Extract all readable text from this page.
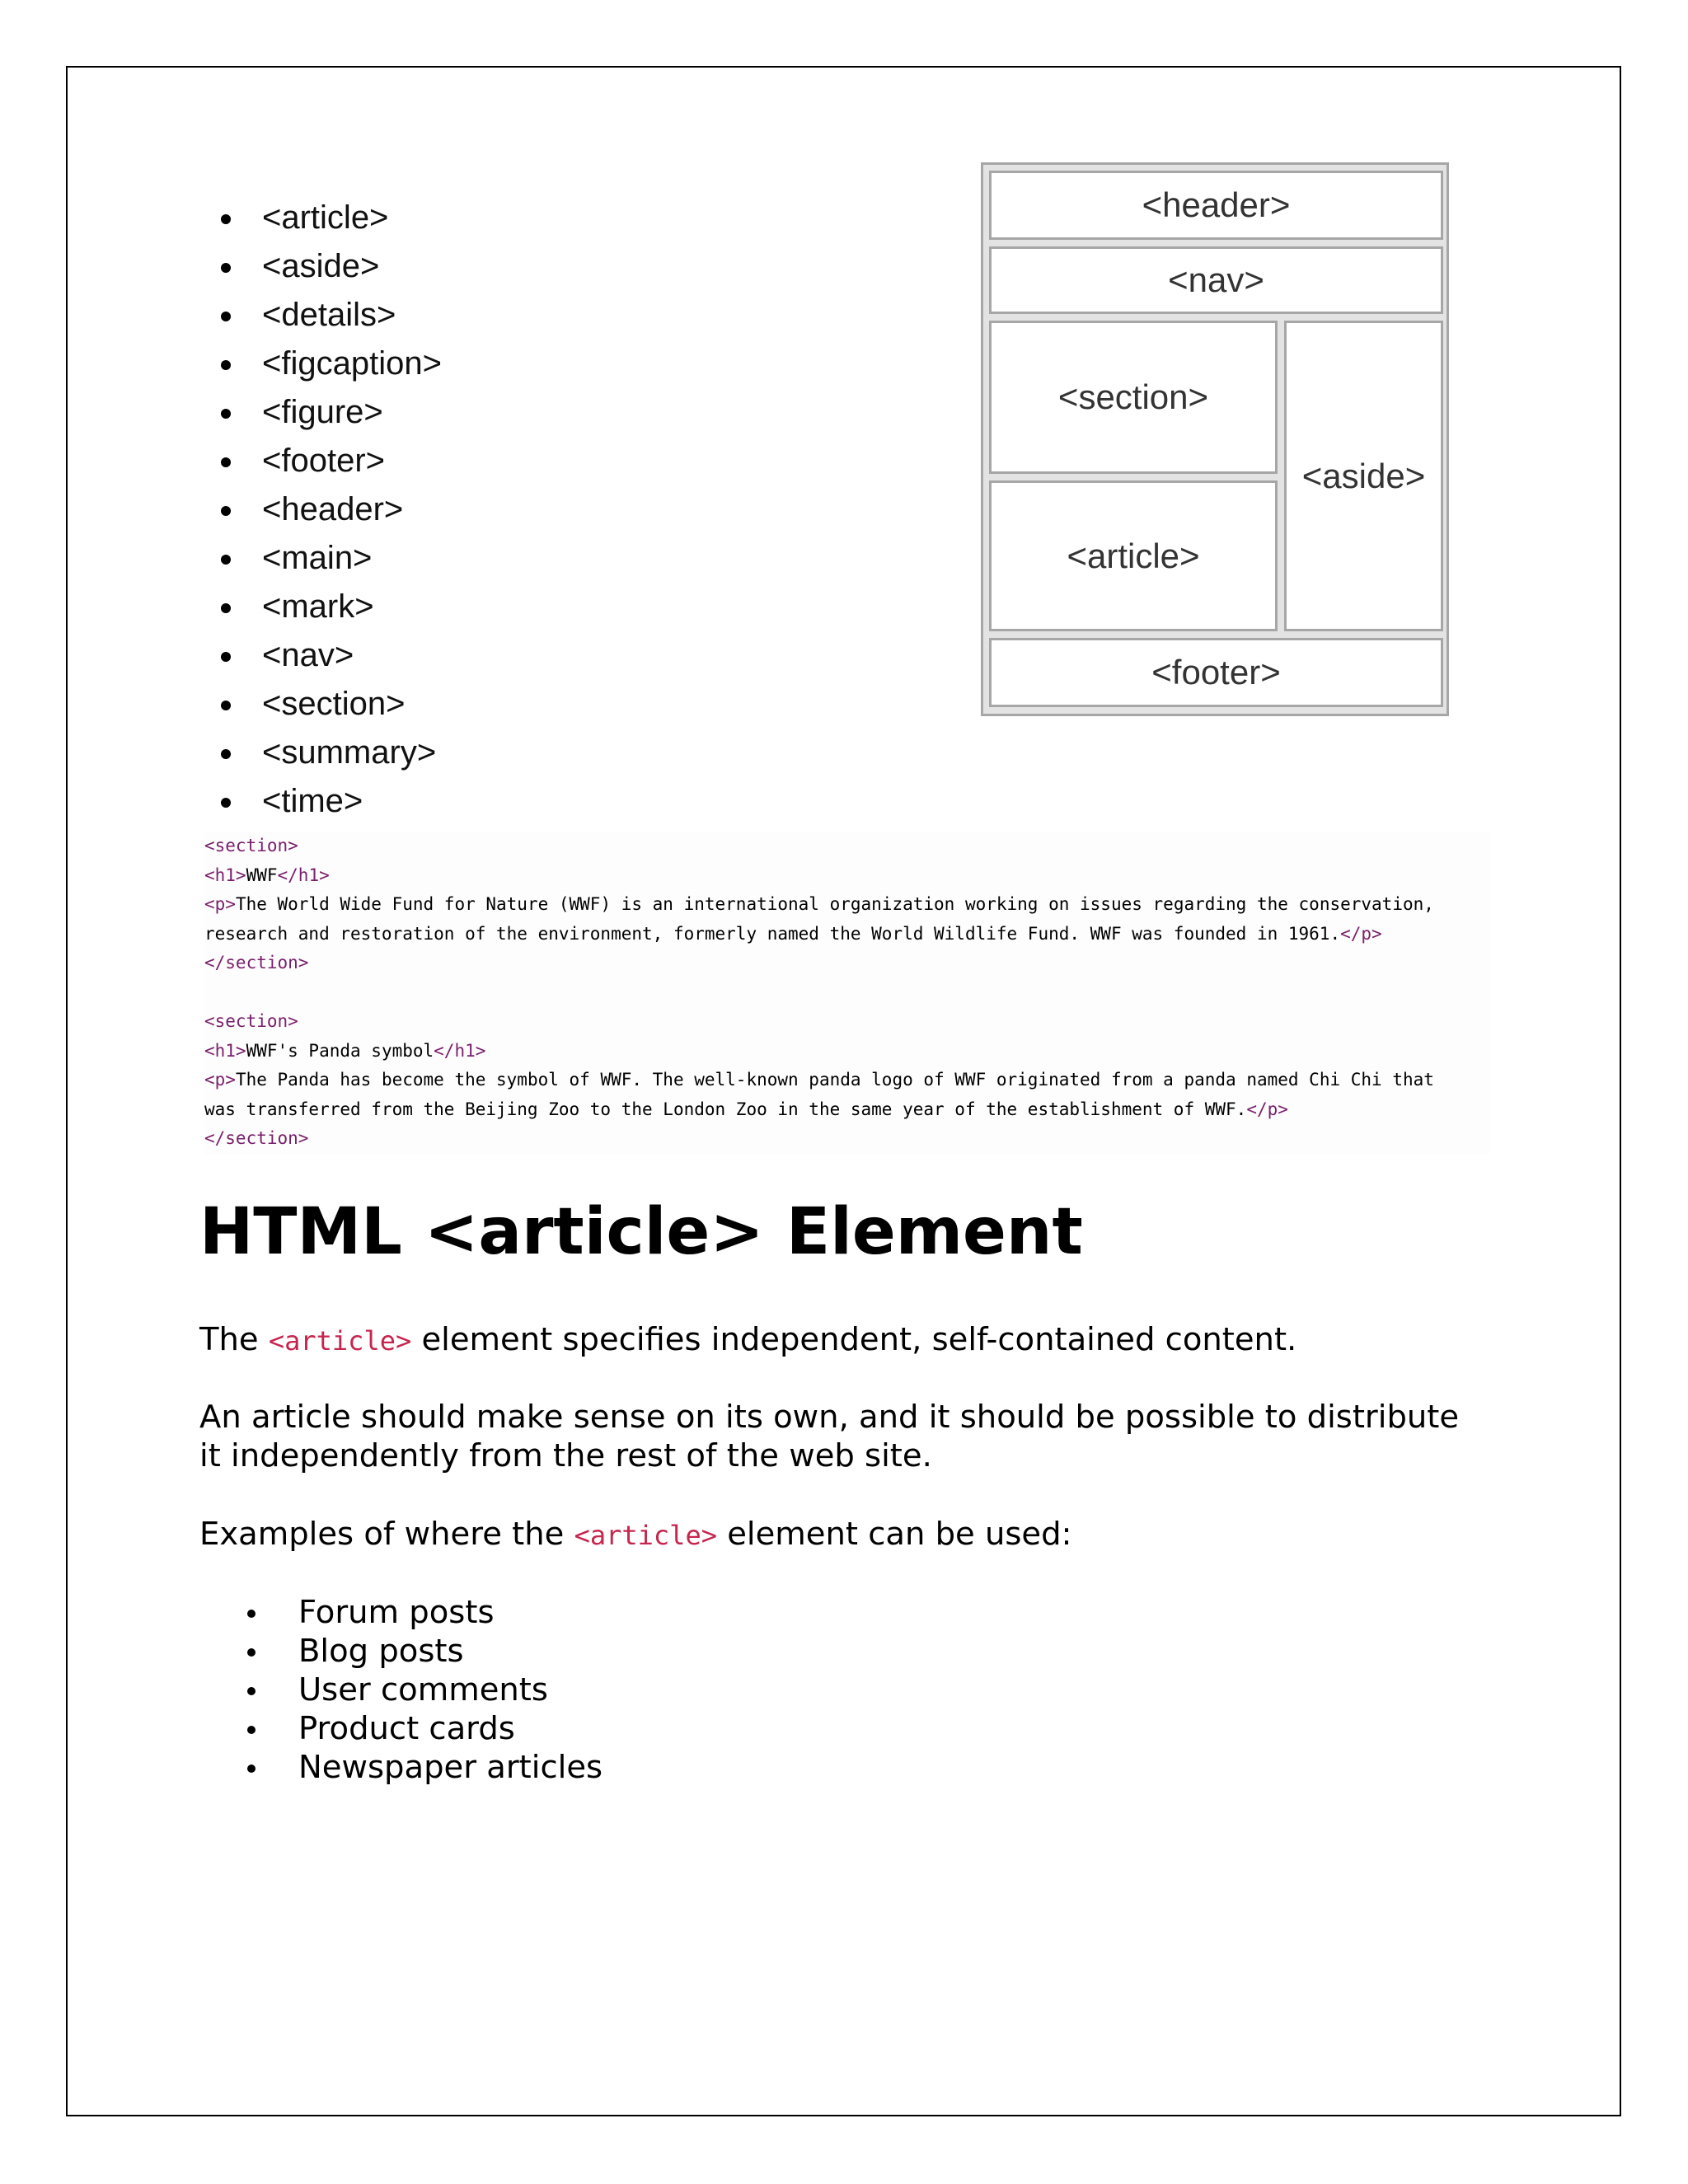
<article>
<aside>
<details>
<figcaption>
<figure>
<footer>
<header>
<main>
<mark>
<nav>
<section>
<summary>
<time>
<header>
<nav>
<section>
<article>
<aside>
<footer>
<section>
<h1>WWF</h1>
<p>The World Wide Fund for Nature (WWF) is an international organization working on issues regarding the conservation,
research and restoration of the environment, formerly named the World Wildlife Fund. WWF was founded in 1961.</p>
</section>
<section>
<h1>WWF's Panda symbol</h1>
<p>The Panda has become the symbol of WWF. The well-known panda logo of WWF originated from a panda named Chi Chi that
was transferred from the Beijing Zoo to the London Zoo in the same year of the establishment of WWF.</p>
</section>
HTML <article> Element

The <article> element specifies independent, self-contained content.

An article should make sense on its own, and it should be possible to distribute it independently from the rest of the web site.

Examples of where the <article> element can be used:

Forum posts
Blog posts
User comments
Product cards
Newspaper articles
